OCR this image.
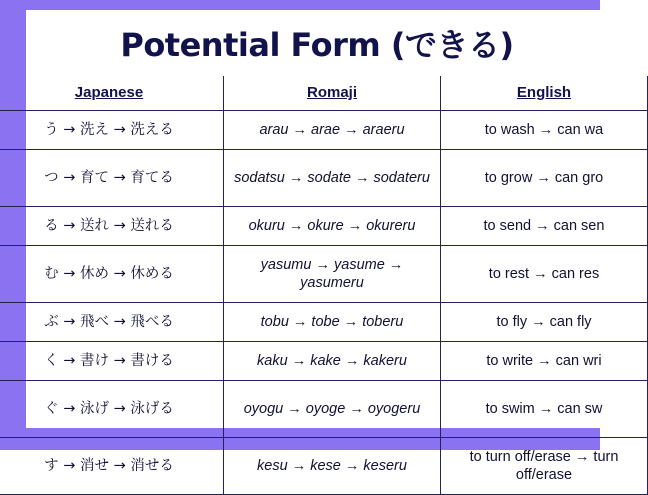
Potential Form (できる)
Japanese	Romaji	English
う → 洗え → 洗える	arau → arae → araeru	to wash → can wa
つ → 育て → 育てる	sodatsu → sodate → sodateru	to grow → can gro
る → 送れ → 送れる	okuru → okure → okureru	to send → can sen
む → 休め → 休める	yasumu → yasume → yasumeru	to rest → can res
ぶ → 飛べ → 飛べる	tobu → tobe → toberu	to fly → can fly
く → 書け → 書ける	kaku → kake → kakeru	to write → can wri
ぐ → 泳げ → 泳げる	oyogu → oyoge → oyogeru	to swim → can sw
す → 消せ → 消せる	kesu → kese → keseru	to turn off/erase → turn off/erase
